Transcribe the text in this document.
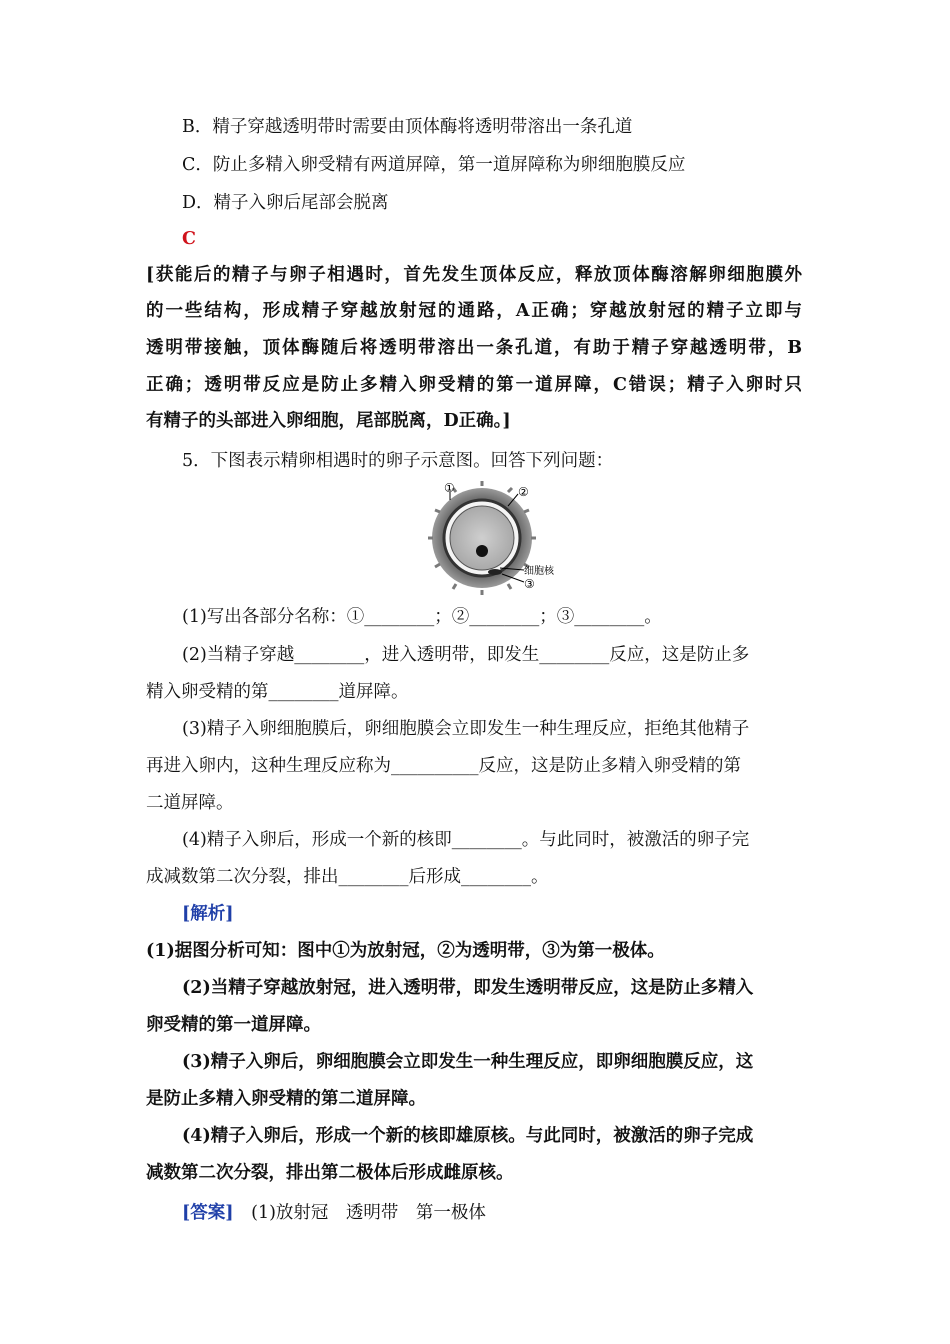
B．精子穿越透明带时需要由顶体酶将透明带溶出一条孔道
C．防止多精入卵受精有两道屏障，第一道屏障称为卵细胞膜反应
D．精子入卵后尾部会脱离
C
[获能后的精子与卵子相遇时，首先发生顶体反应，释放顶体酶溶解卵细胞膜外
的一些结构，形成精子穿越放射冠的通路，A正确；穿越放射冠的精子立即与
透明带接触，顶体酶随后将透明带溶出一条孔道，有助于精子穿越透明带，B
正确；透明带反应是防止多精入卵受精的第一道屏障，C错误；精子入卵时只
有精子的头部进入卵细胞，尾部脱离，D正确。]
5．下图表示精卵相遇时的卵子示意图。回答下列问题：
①	②
细胞核
③
(1)写出各部分名称：①________；②________；③________。
(2)当精子穿越________，进入透明带，即发生________反应，这是防止多
精入卵受精的第________道屏障。
(3)精子入卵细胞膜后，卵细胞膜会立即发生一种生理反应，拒绝其他精子
再进入卵内，这种生理反应称为__________反应，这是防止多精入卵受精的第
二道屏障。
(4)精子入卵后，形成一个新的核即________。与此同时，被激活的卵子完
成减数第二次分裂，排出________后形成________。
[解析]
(1)据图分析可知：图中①为放射冠，②为透明带，③为第一极体。
(2)当精子穿越放射冠，进入透明带，即发生透明带反应，这是防止多精入
卵受精的第一道屏障。
(3)精子入卵后，卵细胞膜会立即发生一种生理反应，即卵细胞膜反应，这
是防止多精入卵受精的第二道屏障。
(4)精子入卵后，形成一个新的核即雄原核。与此同时，被激活的卵子完成
减数第二次分裂，排出第二极体后形成雌原核。
[答案] (1)放射冠　透明带　第一极体
